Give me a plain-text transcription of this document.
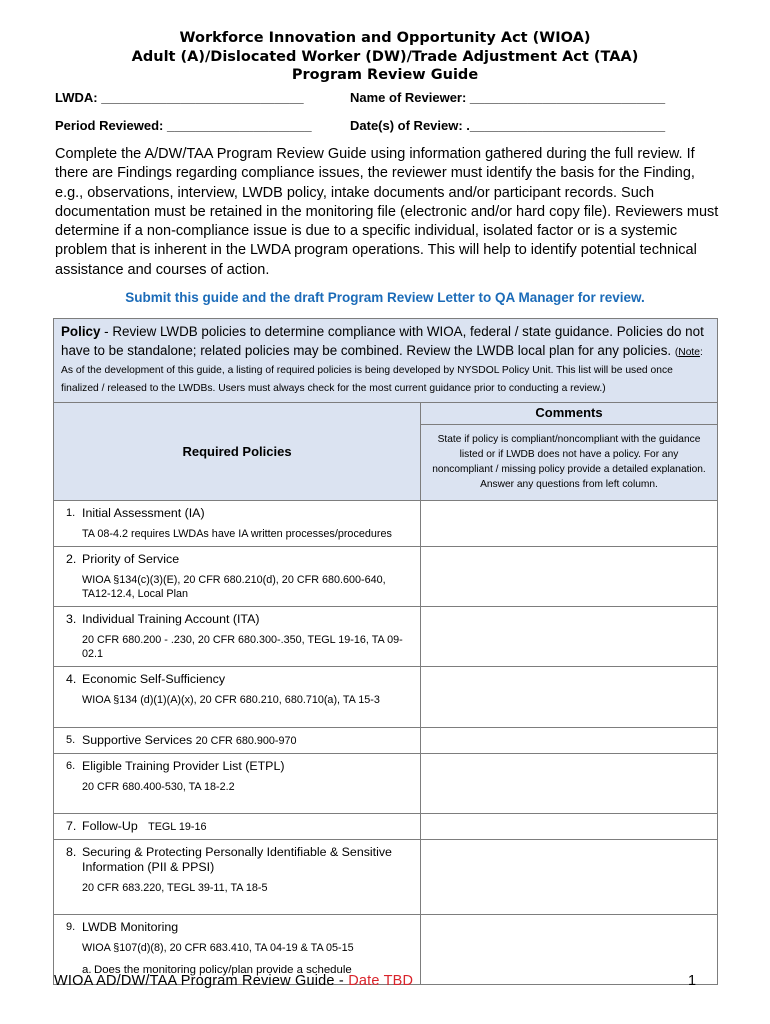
Workforce Innovation and Opportunity Act (WIOA)
Adult (A)/Dislocated Worker (DW)/Trade Adjustment Act (TAA)
Program Review Guide
LWDA: ____________________________	Name of Reviewer: ___________________________
Period Reviewed: ____________________	Date(s) of Review: .___________________________

Complete the A/DW/TAA Program Review Guide using information gathered during the full review. If there are Findings regarding compliance issues, the reviewer must identify the basis for the Finding, e.g., observations, interview, LWDB policy, intake documents and/or participant records. Such documentation must be retained in the monitoring file (electronic and/or hard copy file). Reviewers must determine if a non-compliance issue is due to a specific individual, isolated factor or is a systemic problem that is inherent in the LWDA program operations. This will help to identify potential technical assistance and courses of action.

Submit this guide and the draft Program Review Letter to QA Manager for review.
Policy - Review LWDB policies to determine compliance with WIOA, federal / state guidance. Policies do not have to be standalone; related policies may be combined. Review the LWDB local plan for any policies. (Note: As of the development of this guide, a listing of required policies is being developed by NYSDOL Policy Unit. This list will be used once finalized / released to the LWDBs. Users must always check for the most current guidance prior to conducting a review.)	
Required Policies	Comments
State if policy is compliant/noncompliant with the guidance listed or if LWDB does not have a policy. For any noncompliant / missing policy provide a detailed explanation. Answer any questions from left column.

1. Initial Assessment (IA)
TA 08-4.2 requires LWDAs have IA written processes/procedures	

2. Priority of Service
WIOA §134(c)(3)(E), 20 CFR 680.210(d), 20 CFR 680.600-640, TA12-12.4, Local Plan	

3. Individual Training Account (ITA)
20 CFR 680.200 - .230, 20 CFR 680.300-.350, TEGL 19-16, TA 09-02.1	

4. Economic Self-Sufficiency
WIOA §134 (d)(1)(A)(x), 20 CFR 680.210, 680.710(a), TA 15-3	

5. Supportive Services 20 CFR 680.900-970	

6. Eligible Training Provider List (ETPL)
20 CFR 680.400-530, TA 18-2.2	

7. Follow-Up TEGL 19-16	

8. Securing & Protecting Personally Identifiable & Sensitive Information (PII & PPSI)
20 CFR 683.220, TEGL 39-11, TA 18-5	

9. LWDB Monitoring
WIOA §107(d)(8), 20 CFR 683.410, TA 04-19 & TA 05-15
a. Does the monitoring policy/plan provide a schedule	

WIOA AD/DW/TAA Program Review Guide - Date TBD	1
